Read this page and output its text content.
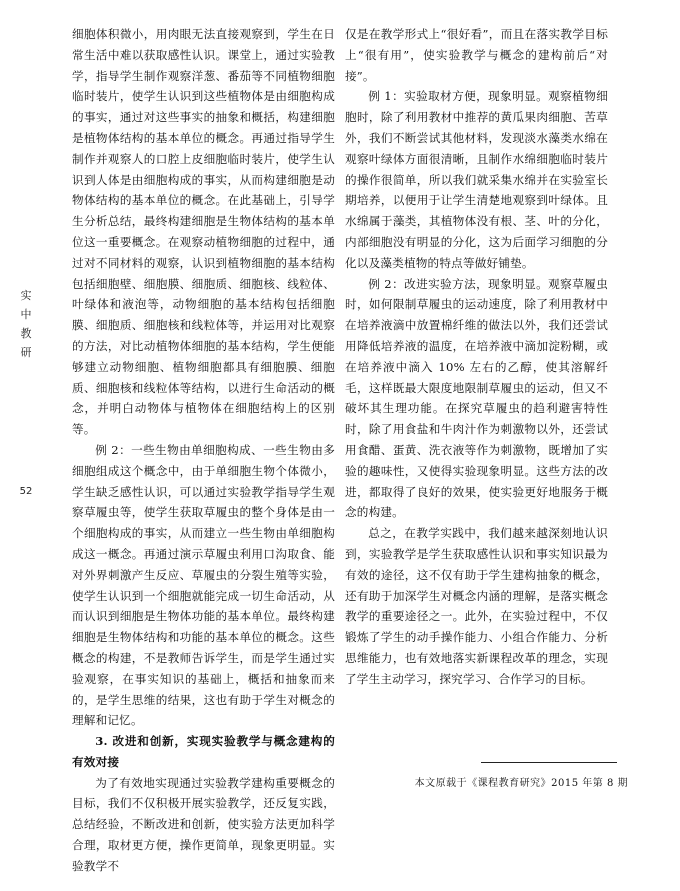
实
中
教
研
52

细胞体积微小，用肉眼无法直接观察到，学生在日常生活中难以获取感性认识。课堂上，通过实验教学，指导学生制作观察洋葱、番茄等不同植物细胞临时装片，使学生认识到这些植物体是由细胞构成的事实，通过对这些事实的抽象和概括，构建细胞是植物体结构的基本单位的概念。再通过指导学生制作并观察人的口腔上皮细胞临时装片，使学生认识到人体是由细胞构成的事实，从而构建细胞是动物体结构的基本单位的概念。在此基础上，引导学生分析总结，最终构建细胞是生物体结构的基本单位这一重要概念。在观察动植物细胞的过程中，通过对不同材料的观察，认识到植物细胞的基本结构包括细胞壁、细胞膜、细胞质、细胞核、线粒体、叶绿体和液泡等，动物细胞的基本结构包括细胞膜、细胞质、细胞核和线粒体等，并运用对比观察的方法，对比动植物体细胞的基本结构，学生便能够建立动物细胞、植物细胞都具有细胞膜、细胞质、细胞核和线粒体等结构，以进行生命活动的概念，并明白动物体与植物体在细胞结构上的区别等。

例 2：一些生物由单细胞构成、一些生物由多细胞组成这个概念中，由于单细胞生物个体微小，学生缺乏感性认识，可以通过实验教学指导学生观察草履虫等，使学生获取草履虫的整个身体是由一个细胞构成的事实，从而建立一些生物由单细胞构成这一概念。再通过演示草履虫利用口沟取食、能对外界刺激产生反应、草履虫的分裂生殖等实验，使学生认识到一个细胞就能完成一切生命活动，从而认识到细胞是生物体功能的基本单位。最终构建细胞是生物体结构和功能的基本单位的概念。这些概念的构建，不是教师告诉学生，而是学生通过实验观察，在事实知识的基础上，概括和抽象而来的，是学生思维的结果，这也有助于学生对概念的理解和记忆。

3. 改进和创新，实现实验教学与概念建构的有效对接

为了有效地实现通过实验教学建构重要概念的目标，我们不仅积极开展实验教学，还反复实践，总结经验，不断改进和创新，使实验方法更加科学合理，取材更方便，操作更简单，现象更明显。实验教学不

仅是在教学形式上“很好看”，而且在落实教学目标上“很有用”，使实验教学与概念的建构前后“对接”。

例 1：实验取材方便，现象明显。观察植物细胞时，除了利用教材中推荐的黄瓜果肉细胞、苦草外，我们不断尝试其他材料，发现淡水藻类水绵在观察叶绿体方面很清晰，且制作水绵细胞临时装片的操作很简单，所以我们就采集水绵并在实验室长期培养，以便用于让学生清楚地观察到叶绿体。且水绵属于藻类，其植物体没有根、茎、叶的分化，内部细胞没有明显的分化，这为后面学习细胞的分化以及藻类植物的特点等做好铺垫。

例 2：改进实验方法，现象明显。观察草履虫时，如何限制草履虫的运动速度，除了利用教材中在培养液滴中放置棉纤维的做法以外，我们还尝试用降低培养液的温度，在培养液中滴加淀粉糊，或在培养液中滴入 10% 左右的乙醇，使其溶解纤毛，这样既最大限度地限制草履虫的运动，但又不破坏其生理功能。在探究草履虫的趋利避害特性时，除了用食盐和牛肉汁作为刺激物以外，还尝试用食醋、蛋黄、洗衣液等作为刺激物，既增加了实验的趣味性，又使得实验现象明显。这些方法的改进，都取得了良好的效果，使实验更好地服务于概念的构建。

总之，在教学实践中，我们越来越深刻地认识到，实验教学是学生获取感性认识和事实知识最为有效的途径，这不仅有助于学生建构抽象的概念，还有助于加深学生对概念内涵的理解，是落实概念教学的重要途径之一。此外，在实验过程中，不仅锻炼了学生的动手操作能力、小组合作能力、分析思维能力，也有效地落实新课程改革的理念，实现了学生主动学习，探究学习、合作学习的目标。

本文原载于《课程教育研究》2015 年第 8 期
